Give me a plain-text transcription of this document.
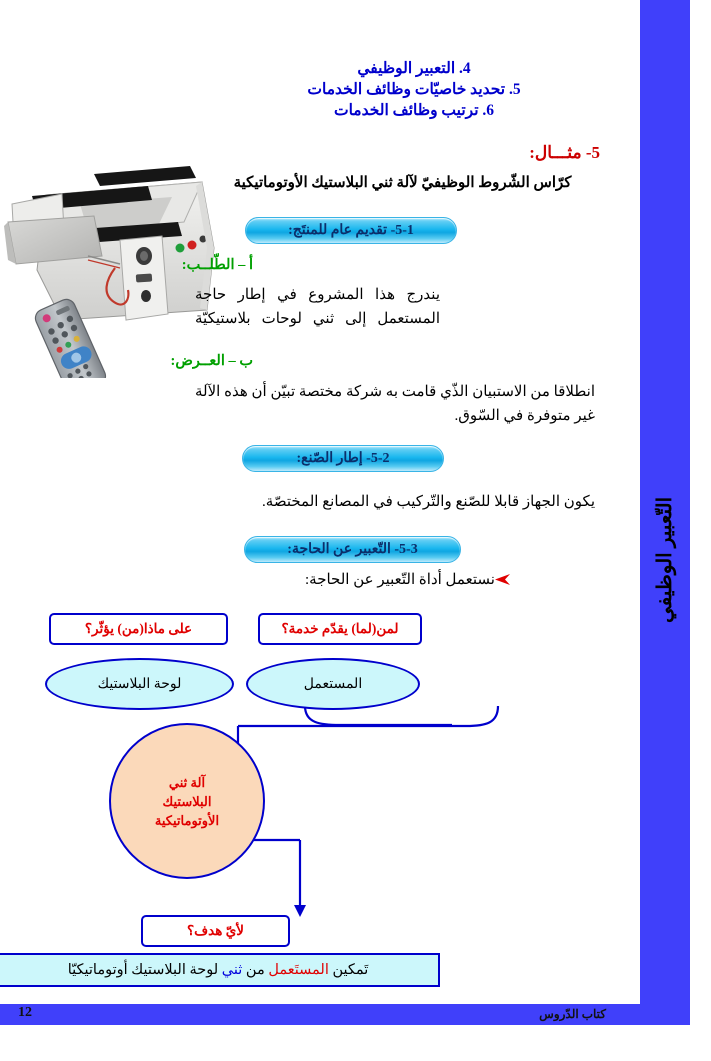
التّعبير الوظيفي
4. التعبير الوظيفي
5. تحديد خاصيّات وظائف الخدمات
6. ترتيب وظائف الخدمات
5- مثـــال:
كرّاس الشّروط الوظيفيّ لآلة ثني البلاستيك الأوتوماتيكية
5-1- تقديم عام للمنتَج:
أ – الطّلــب:
يندرج هذا المشروع في إطار حاجة المستعمل إلى ثني لوحات بلاستيكيّة
ب – العــرض:
انطلاقا من الاستبيان الذّي قامت به شركة مختصة تبيّن أن هذه الآلة غير متوفرة في السّوق.
5-2- إطار الصّنع:
يكون الجهاز قابلا للصّنع والتّركيب في المصانع المختصّة.
5-3- التّعبير عن الحاجة:
نستعمل أداة التّعبير عن الحاجة:
لمن(لما) يقدّم خدمة؟
على ماذا(من) يؤثّر؟
المستعمل
لوحة البلاستيك
آلة ثني
البلاستيك
الأوتوماتيكية
لأيّ هدف؟
تَمكين

المستَعمل

من

ثني

لوحة البلاستيك أوتوماتيكيّا
كتاب الدّروس
12
